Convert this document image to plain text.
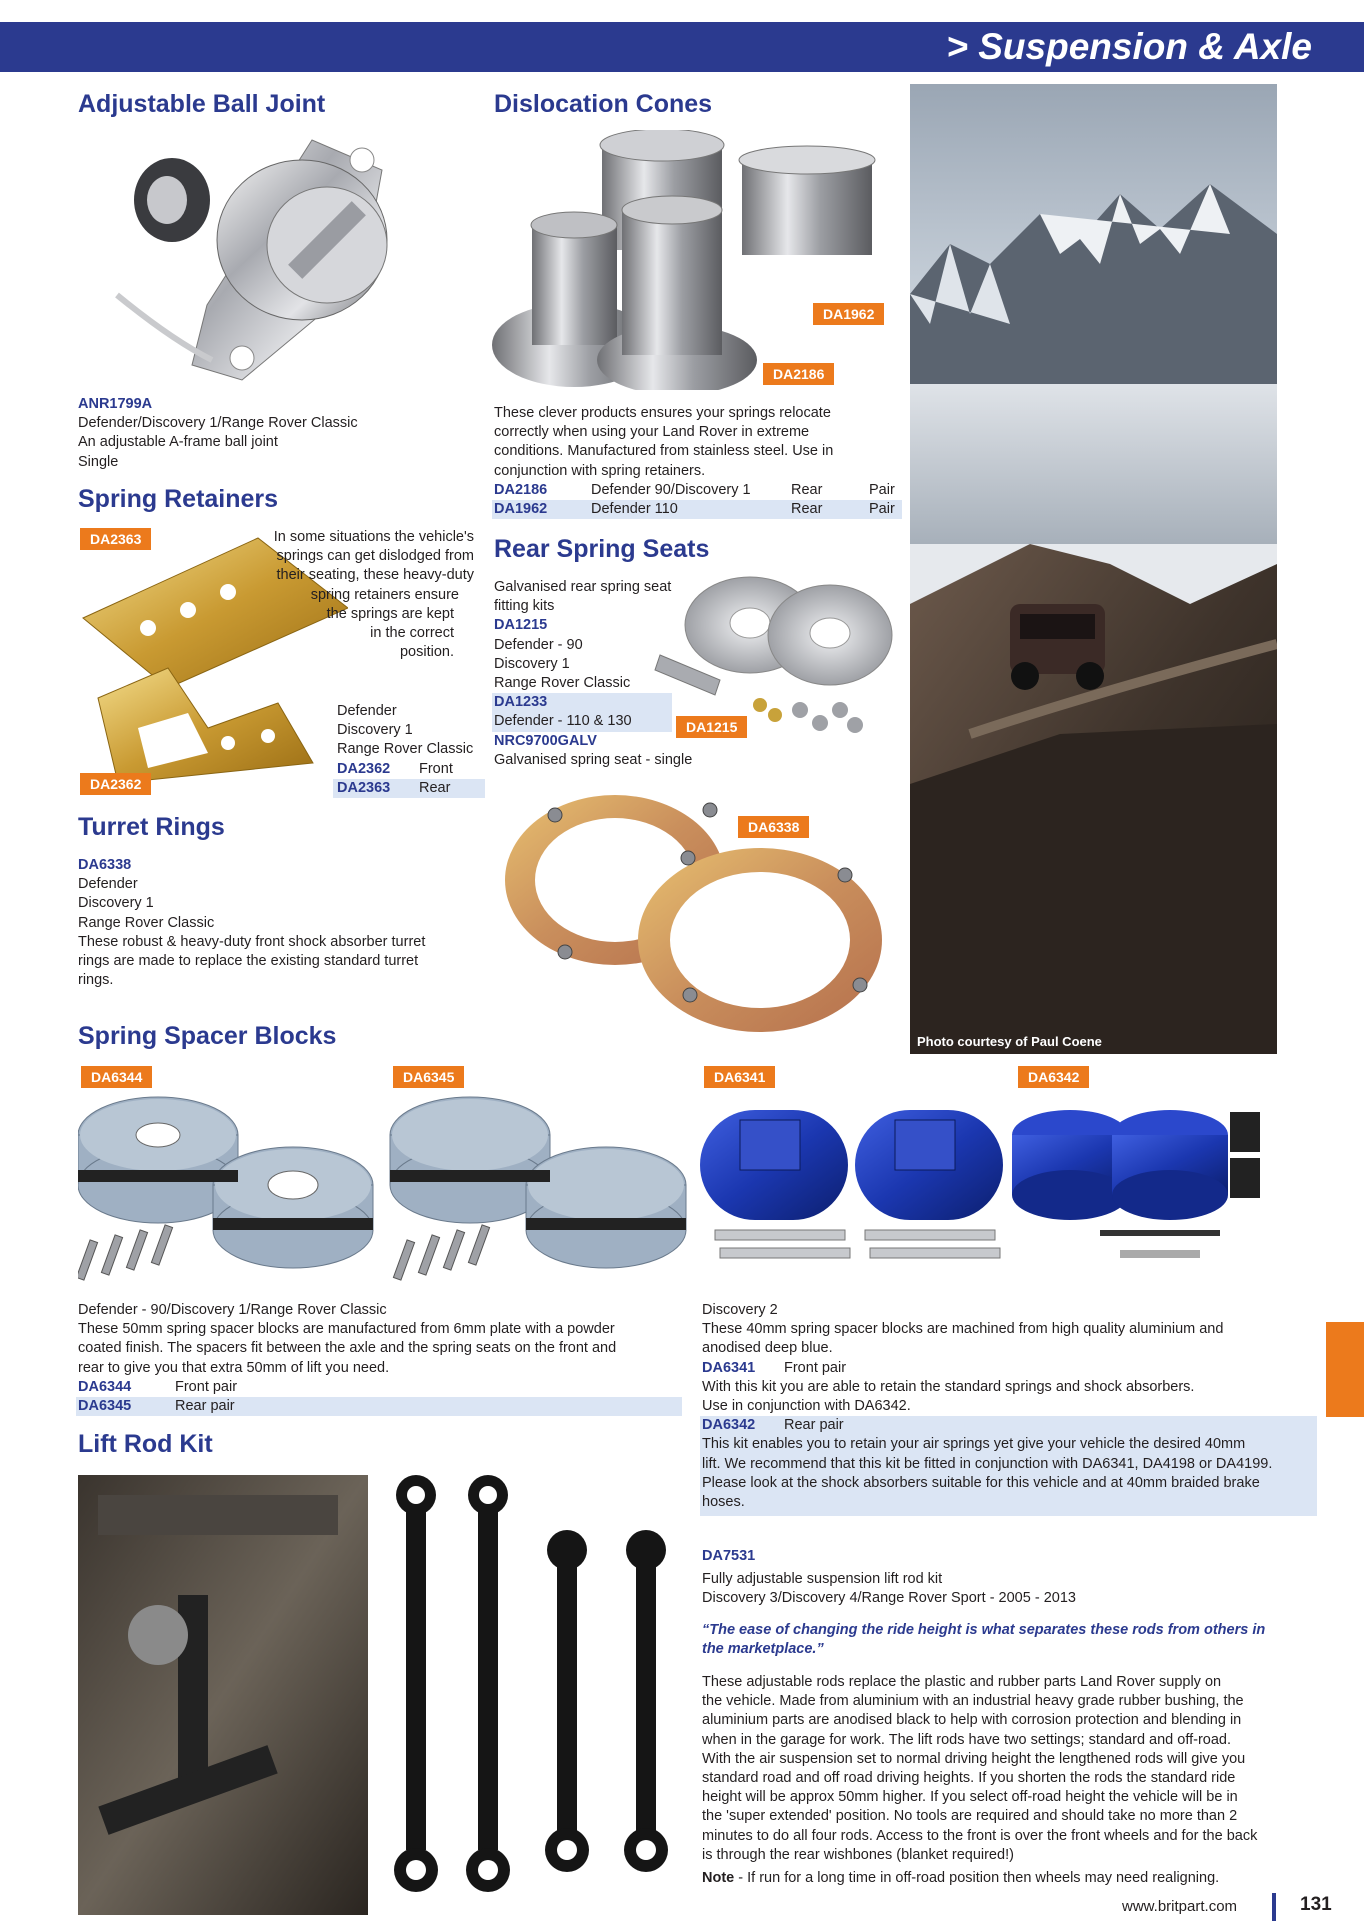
> Suspension & Axle
Adjustable Ball Joint
ANR1799A
Defender/Discovery 1/Range Rover Classic
An adjustable A-frame ball joint
Single
Dislocation Cones
DA1962
DA2186
These clever products ensures your springs relocate
correctly when using your Land Rover in extreme
conditions. Manufactured from stainless steel. Use in
conjunction with spring retainers.
DA2186	Defender 90/Discovery 1	Rear	Pair
DA1962	Defender 110	Rear	Pair
Spring Retainers
DA2363
DA2362
In some situations the vehicle's
springs can get dislodged from
their seating, these heavy-duty
spring retainers ensure
the springs are kept
in the correct
position.
Defender
Discovery 1
Range Rover Classic
DA2362	Front
DA2363	Rear
Rear Spring Seats
Galvanised rear spring seat
fitting kits
DA1215
Defender - 90
Discovery 1
Range Rover Classic
DA1233
Defender - 110 & 130
NRC9700GALV
Galvanised spring seat - single
DA1215
Turret Rings
DA6338
Defender
Discovery 1
Range Rover Classic
These robust & heavy-duty front shock absorber turret
rings are made to replace the existing standard turret
rings.
DA6338
Photo courtesy of Paul Coene
Spring Spacer Blocks
DA6344	DA6345	DA6341	DA6342
Defender - 90/Discovery 1/Range Rover Classic
These 50mm spring spacer blocks are manufactured from 6mm plate with a powder
coated finish. The spacers fit between the axle and the spring seats on the front and
rear to give you that extra 50mm of lift you need.
DA6344	Front pair
DA6345	Rear pair
Discovery 2
These 40mm spring spacer blocks are machined from high quality aluminium and
anodised deep blue.
DA6341 Front pair
With this kit you are able to retain the standard springs and shock absorbers.
Use in conjunction with DA6342.
DA6342 Rear pair
This kit enables you to retain your air springs yet give your vehicle the desired 40mm
lift. We recommend that this kit be fitted in conjunction with DA6341, DA4198 or DA4199.
Please look at the shock absorbers suitable for this vehicle and at 40mm braided brake
hoses.
Lift Rod Kit
DA7531
Fully adjustable suspension lift rod kit
Discovery 3/Discovery 4/Range Rover Sport - 2005 - 2013
“The ease of changing the ride height is what separates these rods from others in
the marketplace.”
These adjustable rods replace the plastic and rubber parts Land Rover supply on
the vehicle. Made from aluminium with an industrial heavy grade rubber bushing, the
aluminium parts are anodised black to help with corrosion protection and blending in
when in the garage for work. The lift rods have two settings; standard and off-road.
With the air suspension set to normal driving height the lengthened rods will give you
standard road and off road driving heights. If you shorten the rods the standard ride
height will be approx 50mm higher. If you select off-road height the vehicle will be in
the 'super extended' position. No tools are required and should take no more than 2
minutes to do all four rods. Access to the front is over the front wheels and for the back
is through the rear wishbones (blanket required!)
Note - If run for a long time in off-road position then wheels may need realigning.
www.britpart.com	131
